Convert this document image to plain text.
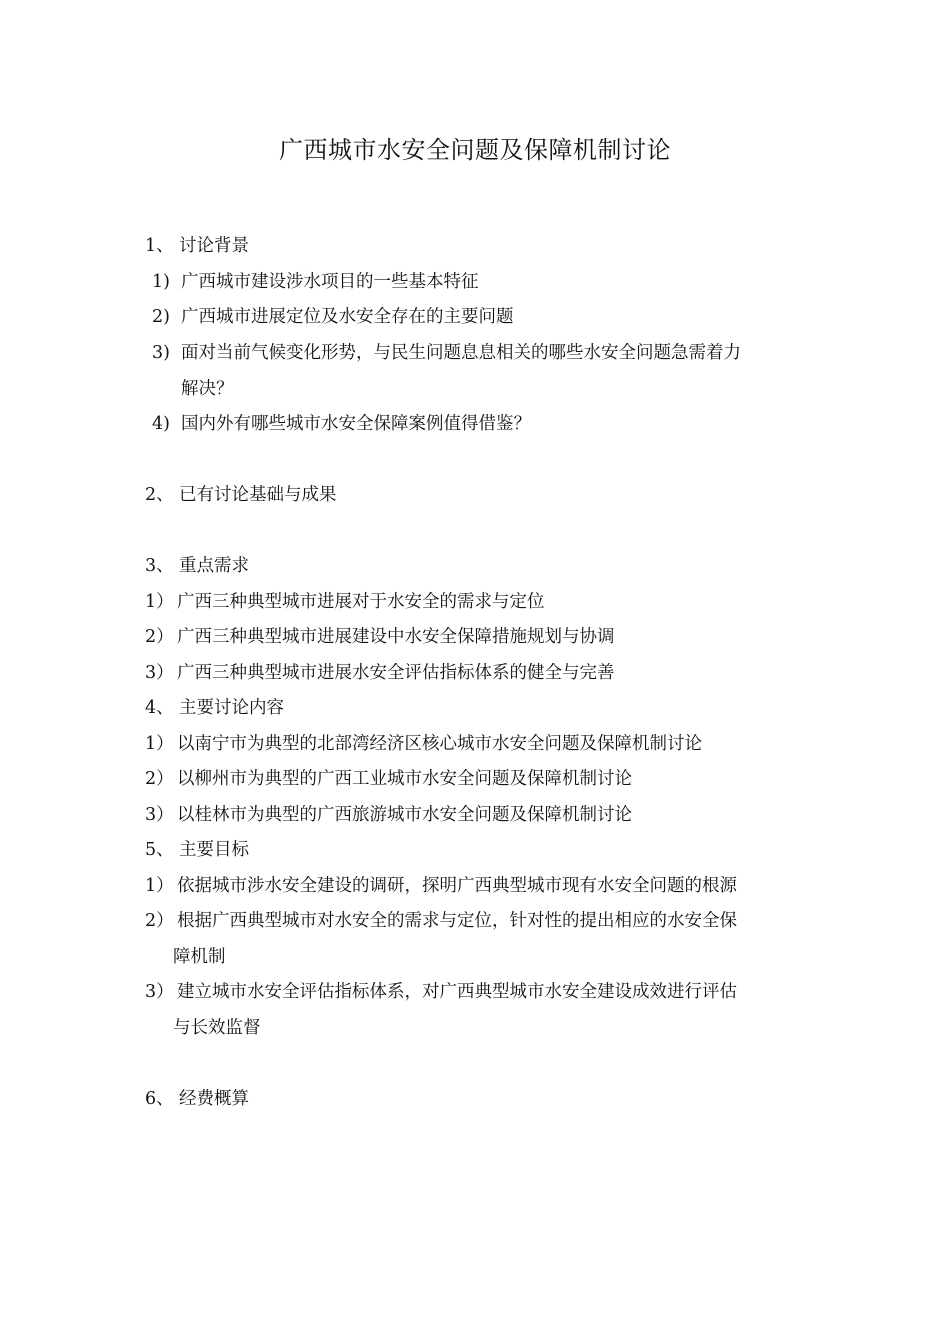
广西城市水安全问题及保障机制讨论
1、 讨论背景
1) 广西城市建设涉水项目的一些基本特征
2) 广西城市进展定位及水安全存在的主要问题
3) 面对当前气候变化形势，与民生问题息息相关的哪些水安全问题急需着力
解决？
4) 国内外有哪些城市水安全保障案例值得借鉴？
2、 已有讨论基础与成果
3、 重点需求
1） 广西三种典型城市进展对于水安全的需求与定位
2） 广西三种典型城市进展建设中水安全保障措施规划与协调
3） 广西三种典型城市进展水安全评估指标体系的健全与完善
4、 主要讨论内容
1） 以南宁市为典型的北部湾经济区核心城市水安全问题及保障机制讨论
2） 以柳州市为典型的广西工业城市水安全问题及保障机制讨论
3） 以桂林市为典型的广西旅游城市水安全问题及保障机制讨论
5、 主要目标
1） 依据城市涉水安全建设的调研，探明广西典型城市现有水安全问题的根源
2） 根据广西典型城市对水安全的需求与定位，针对性的提出相应的水安全保
障机制
3） 建立城市水安全评估指标体系，对广西典型城市水安全建设成效进行评估
与长效监督
6、 经费概算
